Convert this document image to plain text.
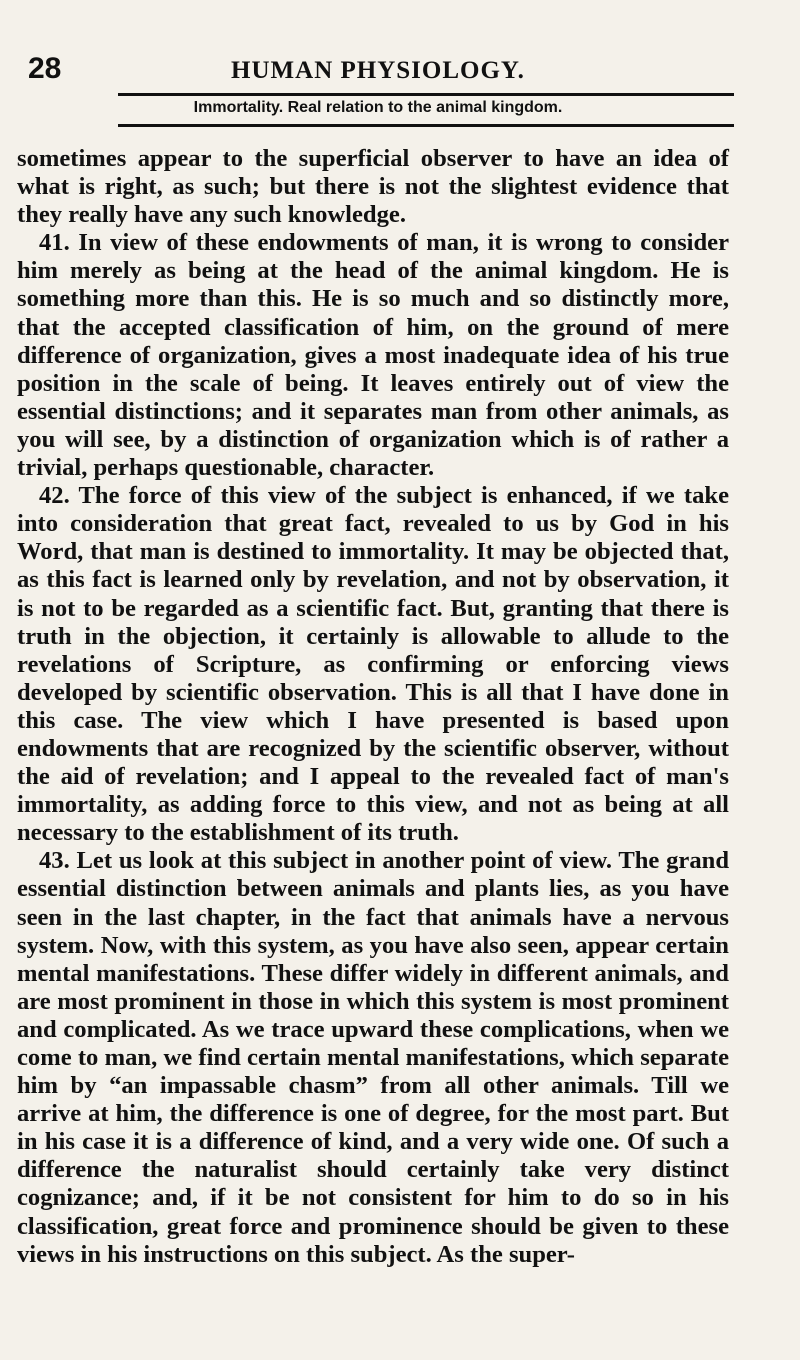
28	HUMAN PHYSIOLOGY.
Immortality. Real relation to the animal kingdom.

sometimes appear to the superficial observer to have an idea of what is right, as such; but there is not the slightest evidence that they really have any such knowledge.

41. In view of these endowments of man, it is wrong to consider him merely as being at the head of the animal kingdom. He is something more than this. He is so much and so distinctly more, that the accepted classification of him, on the ground of mere difference of organization, gives a most inadequate idea of his true position in the scale of being. It leaves entirely out of view the essential distinctions; and it separates man from other animals, as you will see, by a distinction of organization which is of rather a trivial, perhaps questionable, character.

42. The force of this view of the subject is enhanced, if we take into consideration that great fact, revealed to us by God in his Word, that man is destined to immortality. It may be objected that, as this fact is learned only by revelation, and not by observation, it is not to be regarded as a scientific fact. But, granting that there is truth in the objection, it certainly is allowable to allude to the revelations of Scripture, as confirming or enforcing views developed by scientific observation. This is all that I have done in this case. The view which I have presented is based upon endowments that are recognized by the scientific observer, without the aid of revelation; and I appeal to the revealed fact of man's immortality, as adding force to this view, and not as being at all necessary to the establishment of its truth.

43. Let us look at this subject in another point of view. The grand essential distinction between animals and plants lies, as you have seen in the last chapter, in the fact that animals have a nervous system. Now, with this system, as you have also seen, appear certain mental manifestations. These differ widely in different animals, and are most prominent in those in which this system is most prominent and complicated. As we trace upward these complications, when we come to man, we find certain mental manifestations, which separate him by “an impassable chasm” from all other animals. Till we arrive at him, the difference is one of degree, for the most part. But in his case it is a difference of kind, and a very wide one. Of such a difference the naturalist should certainly take very distinct cognizance; and, if it be not consistent for him to do so in his classification, great force and prominence should be given to these views in his instructions on this subject. As the super-
